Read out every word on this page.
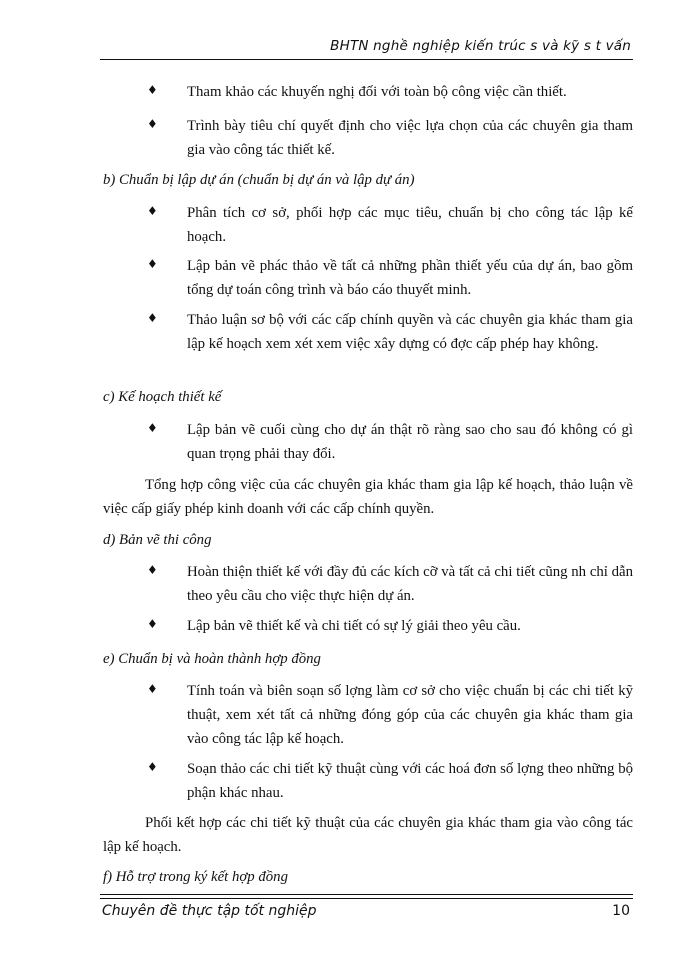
BHTN nghề nghiệp kiến trúc s và kỹ s t vấn
♦ Tham khảo các khuyến nghị đối với toàn bộ công việc cần thiết.
♦ Trình bày tiêu chí quyết định cho việc lựa chọn của các chuyên gia tham gia vào công tác thiết kế.
b) Chuẩn bị lập dự án (chuẩn bị dự án và lập dự án)
♦ Phân tích cơ sở, phối hợp các mục tiêu, chuẩn bị cho công tác lập kế hoạch.
♦ Lập bản vẽ phác thảo về tất cả những phần thiết yếu của dự án, bao gồm tổng dự toán công trình và báo cáo thuyết minh.
♦ Thảo luận sơ bộ với các cấp chính quyền và các chuyên gia khác tham gia lập kế hoạch xem xét xem việc xây dựng có đợc cấp phép hay không.
c) Kế hoạch thiết kế
♦ Lập bản vẽ cuối cùng cho dự án thật rõ ràng sao cho sau đó không có gì quan trọng phải thay đổi.
Tổng hợp công việc của các chuyên gia khác tham gia lập kế hoạch, thảo luận về việc cấp giấy phép kinh doanh với các cấp chính quyền.
d) Bản vẽ thi công
♦ Hoàn thiện thiết kế với đầy đủ các kích cỡ và tất cả chi tiết cũng nh chỉ dẫn theo yêu cầu cho việc thực hiện dự án.
♦ Lập bản vẽ thiết kế và chi tiết có sự lý giải theo yêu cầu.
e) Chuẩn bị và hoàn thành hợp đồng
♦ Tính toán và biên soạn số lợng làm cơ sở cho việc chuẩn bị các chi tiết kỹ thuật, xem xét tất cả những đóng góp của các chuyên gia khác tham gia vào công tác lập kế hoạch.
♦ Soạn thảo các chi tiết kỹ thuật cùng với các hoá đơn số lợng theo những bộ phận khác nhau.
Phối kết hợp các chi tiết kỹ thuật của các chuyên gia khác tham gia vào công tác lập kế hoạch.
f) Hỗ trợ trong ký kết hợp đồng
Chuyên đề thực tập tốt nghiệp	10
